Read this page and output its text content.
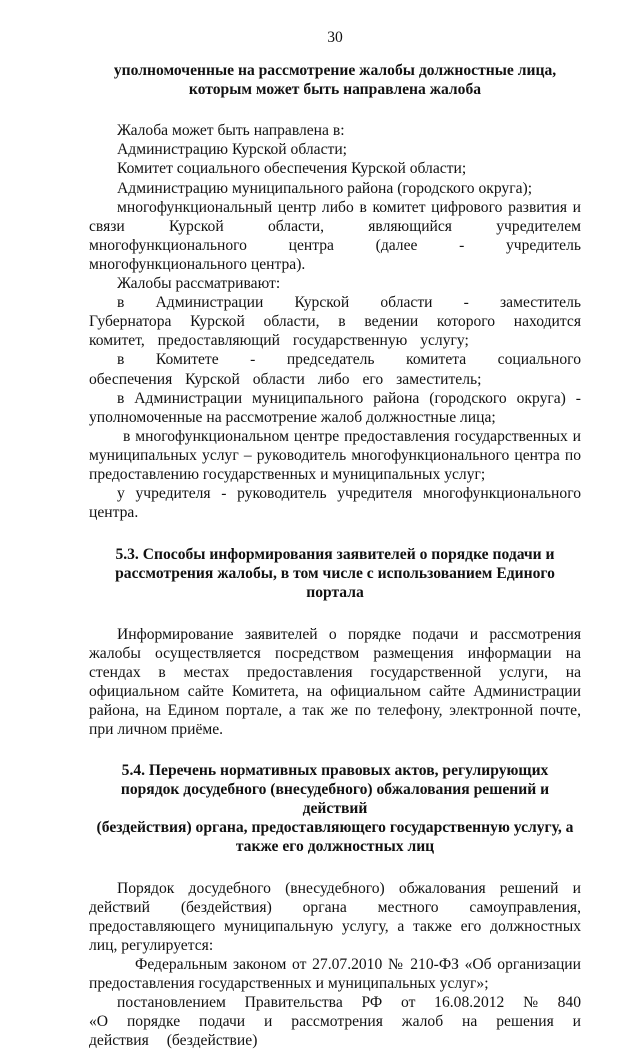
30
уполномоченные на рассмотрение жалобы должностные лица,
которым может быть направлена жалоба

Жалоба может быть направлена в:

Администрацию Курской области;

Комитет социального обеспечения Курской области;

Администрацию муниципального района (городского округа);

многофункциональный центр либо в комитет цифрового развития и связи Курской области, являющийся учредителем многофункционального центра (далее - учредитель многофункционального центра).

Жалобы рассматривают:

в Администрации Курской области - заместитель Губернатора Курской области, в ведении которого находится комитет, предоставляющий государственную услугу;

в Комитете - председатель комитета социального обеспечения Курской области либо его заместитель;

в Администрации муниципального района (городского округа) - уполномоченные на рассмотрение жалоб должностные лица;

в многофункциональном центре предоставления государственных и муниципальных услуг – руководитель многофункционального центра по предоставлению государственных и муниципальных услуг;

у учредителя - руководитель учредителя многофункционального центра.

5.3. Способы информирования заявителей о порядке подачи и
рассмотрения жалобы, в том числе с использованием Единого портала

Информирование заявителей о порядке подачи и рассмотрения жалобы осуществляется посредством размещения информации на стендах в местах предоставления государственной услуги, на официальном сайте Комитета, на официальном сайте Администрации района, на Едином портале, а так же по телефону, электронной почте, при личном приёме.

5.4. Перечень нормативных правовых актов, регулирующих
порядок досудебного (внесудебного) обжалования решений и действий
(бездействия) органа, предоставляющего государственную услугу, а
также его должностных лиц

Порядок досудебного (внесудебного) обжалования решений и действий (бездействия) органа местного самоуправления, предоставляющего муниципальную услугу, а также его должностных лиц, регулируется:

Федеральным законом от 27.07.2010 № 210-ФЗ «Об организации предоставления государственных и муниципальных услуг»;

постановлением Правительства РФ от 16.08.2012 № 840 «О порядке подачи и рассмотрения жалоб на решения и действия (бездействие)
